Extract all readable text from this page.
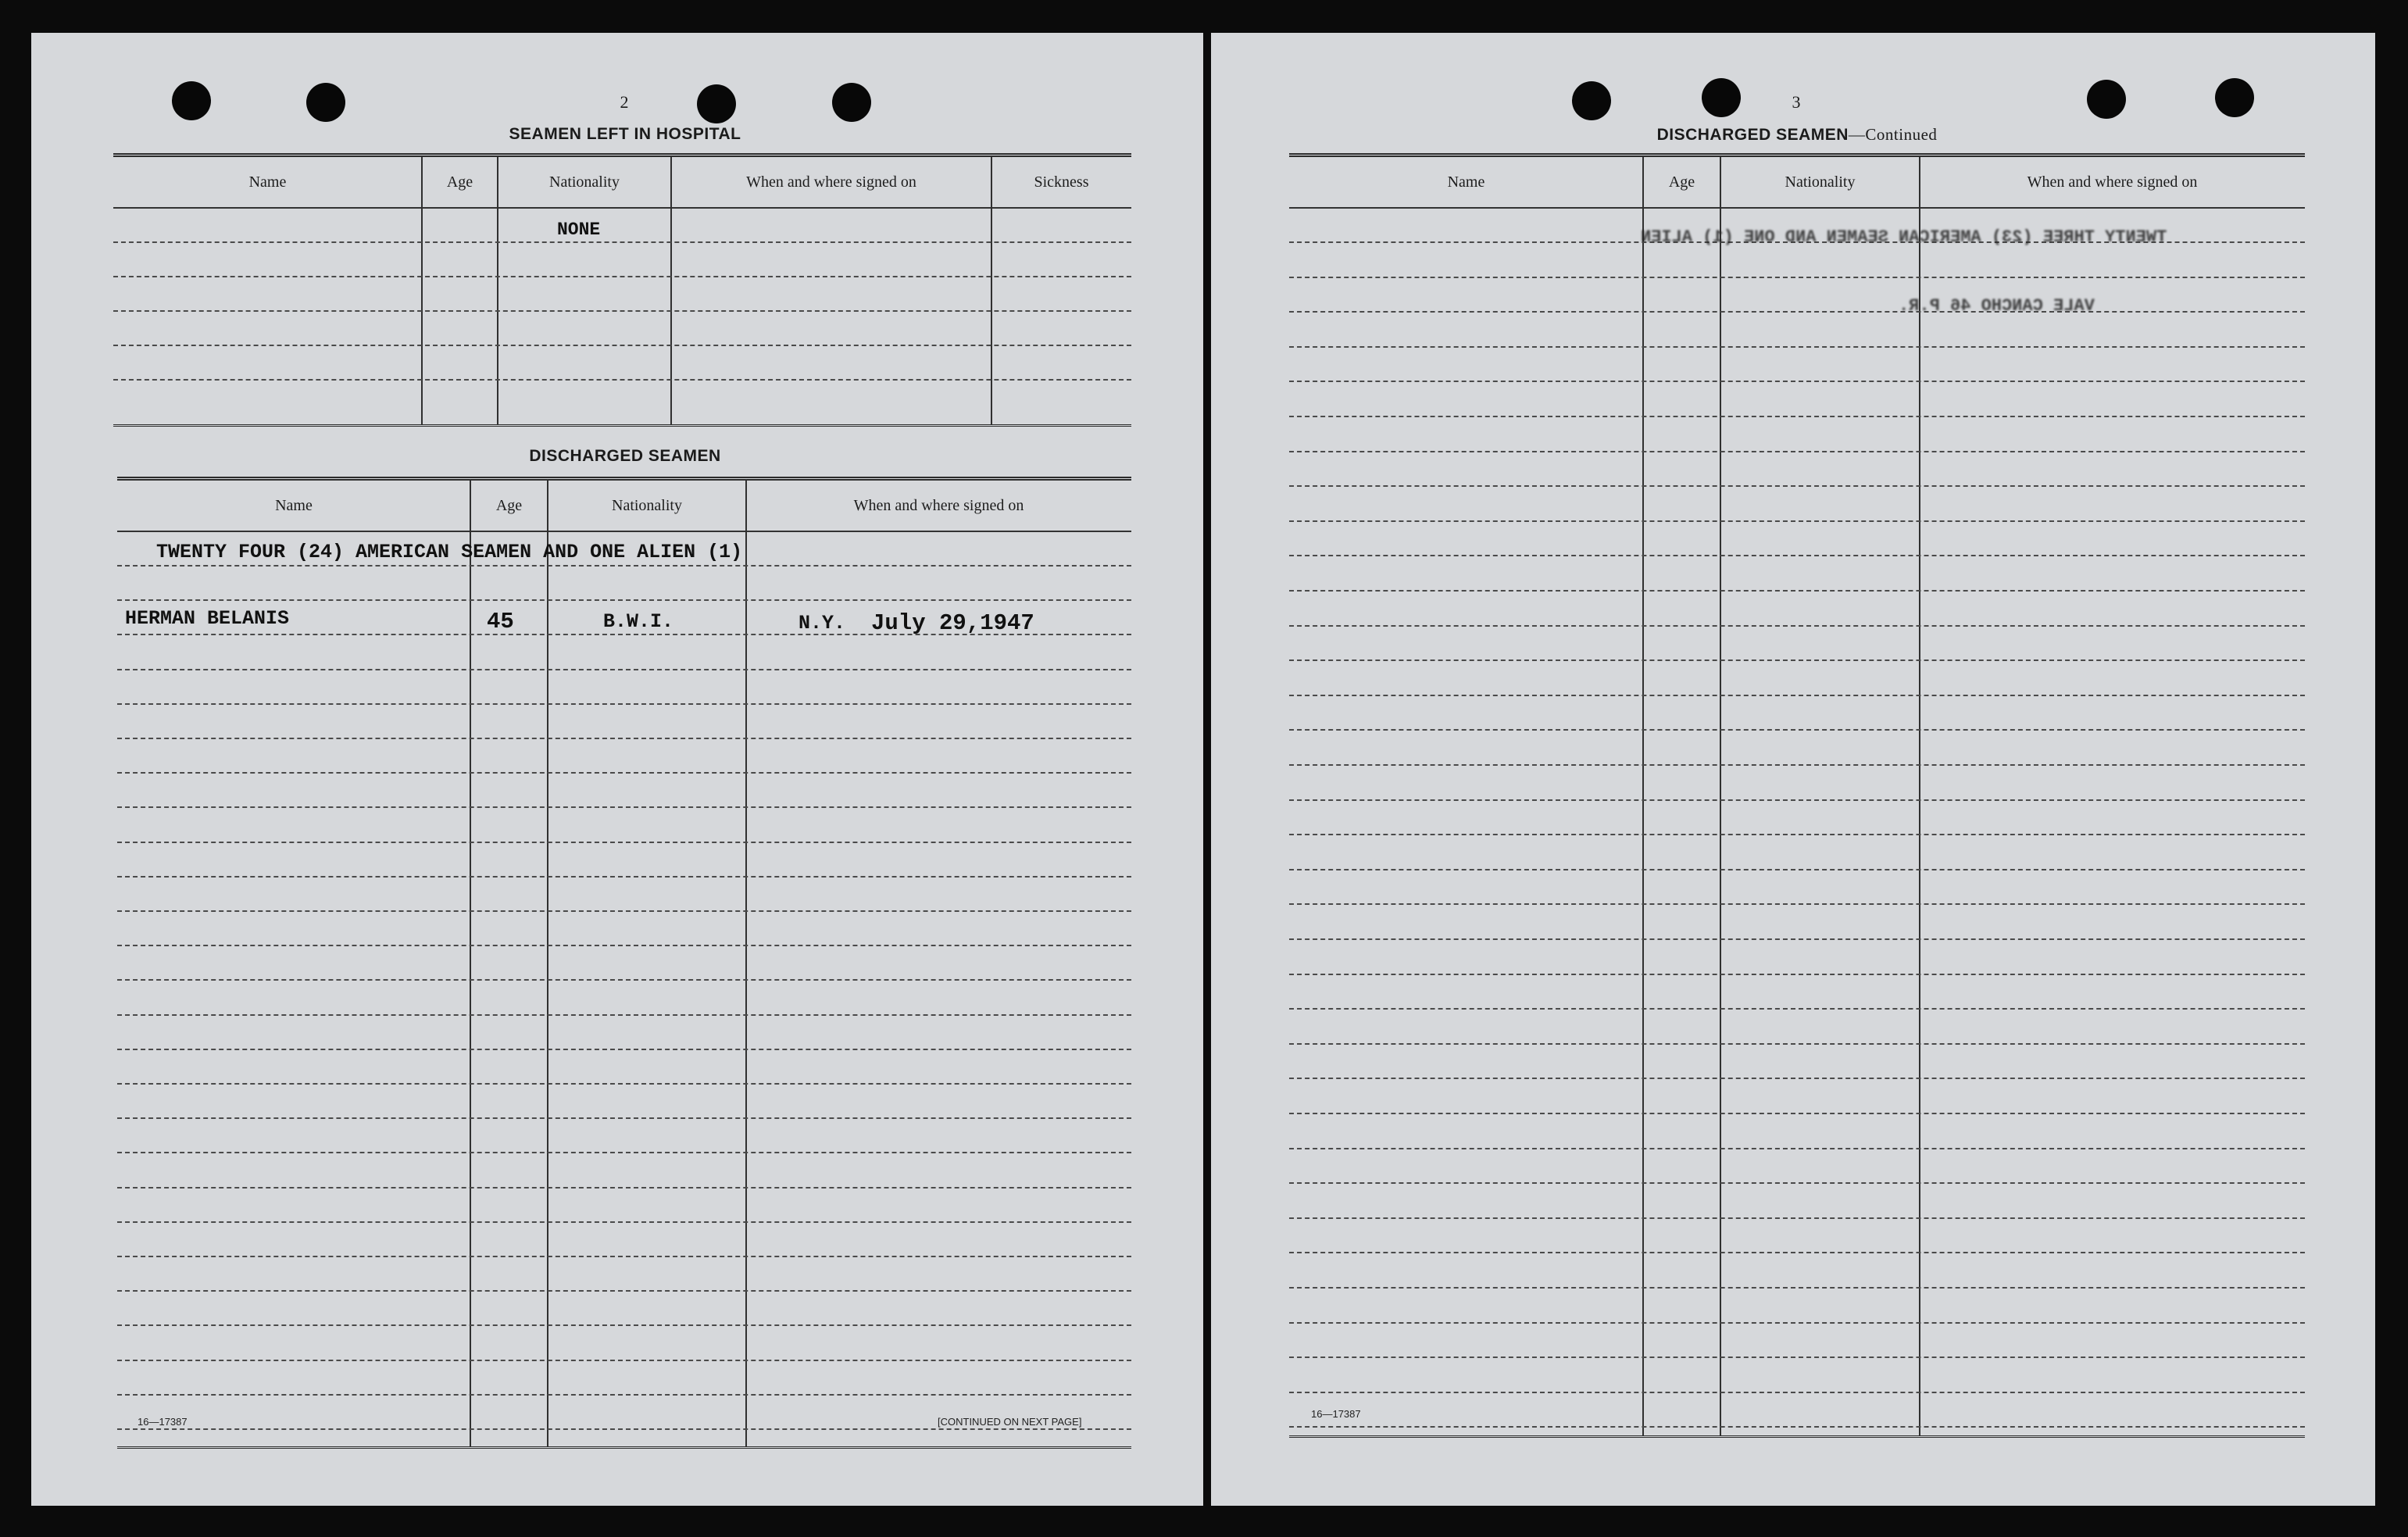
2
SEAMEN LEFT IN HOSPITAL
Name	Age	Nationality	When and where signed on	Sickness
NONE
DISCHARGED SEAMEN
Name	Age	Nationality	When and where signed on
TWENTY FOUR (24) AMERICAN SEAMEN AND ONE ALIEN (1)
HERMAN BELANIS	45	B.W.I.	N.Y. July 29,1947
16—17387	[CONTINUED ON NEXT PAGE]
3
DISCHARGED SEAMEN—Continued
Name	Age	Nationality	When and where signed on
TWENTY THREE (23) AMERICAN SEAMEN AND ONE (1) ALIEN
VALE CANCHO 46 P.R.
16—17387
